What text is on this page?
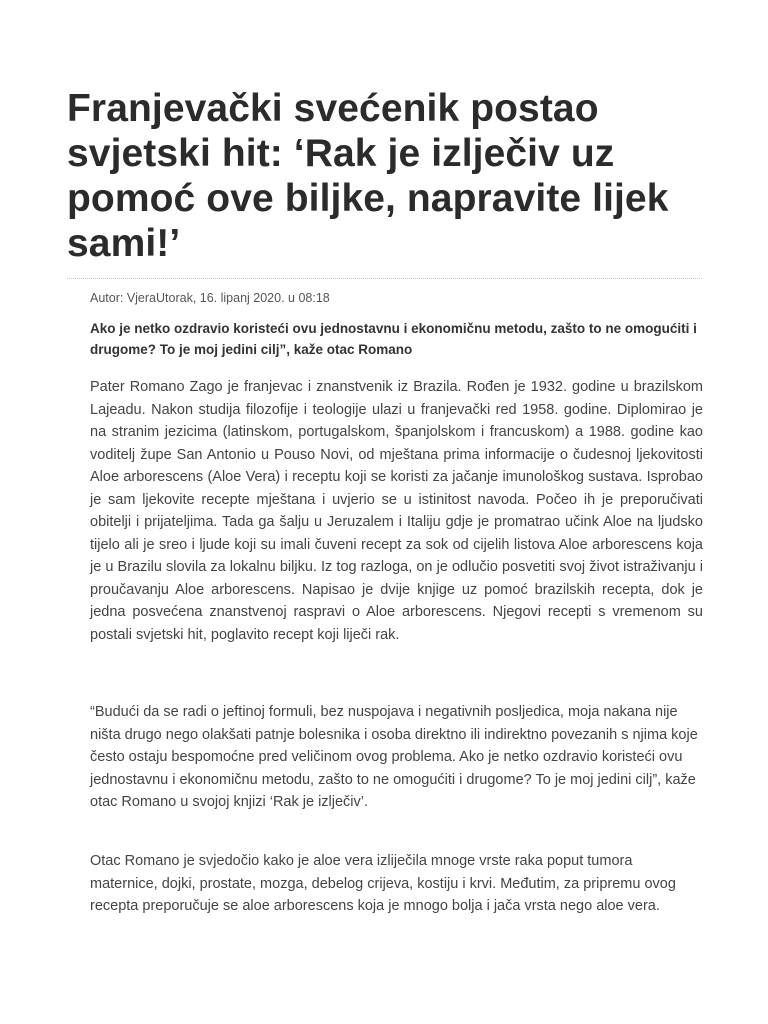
Franjevački svećenik postao svjetski hit: ‘Rak je izlječiv uz pomoć ove biljke, napravite lijek sami!’
Autor: VjeraUtorak, 16. lipanj 2020. u 08:18

Ako je netko ozdravio koristeći ovu jednostavnu i ekonomičnu metodu, zašto to ne omogućiti i drugome? To je moj jedini cilj”, kaže otac Romano

Pater Romano Zago je franjevac i znanstvenik iz Brazila. Rođen je 1932. godine u brazilskom Lajeadu. Nakon studija filozofije i teologije ulazi u franjevački red 1958. godine. Diplomirao je na stranim jezicima (latinskom, portugalskom, španjolskom i francuskom) a 1988. godine kao voditelj župe San Antonio u Pouso Novi, od mještana prima informacije o čudesnoj ljekovitosti Aloe arborescens (Aloe Vera) i receptu koji se koristi za jačanje imunološkog sustava. Isprobao je sam ljekovite recepte mještana i uvjerio se u istinitost navoda. Počeo ih je preporučivati obitelji i prijateljima. Tada ga šalju u Jeruzalem i Italiju gdje je promatrao učink Aloe na ljudsko tijelo ali je sreo i ljude koji su imali čuveni recept za sok od cijelih listova Aloe arborescens koja je u Brazilu slovila za lokalnu biljku. Iz tog razloga, on je odlučio posvetiti svoj život istraživanju i proučavanju Aloe arborescens. Napisao je dvije knjige uz pomoć brazilskih recepta, dok je jedna posvećena znanstvenoj raspravi o Aloe arborescens. Njegovi recepti s vremenom su postali svjetski hit, poglavito recept koji liječi rak.

“Budući da se radi o jeftinoj formuli, bez nuspojava i negativnih posljedica, moja nakana nije ništa drugo nego olakšati patnje bolesnika i osoba direktno ili indirektno povezanih s njima koje često ostaju bespomoćne pred veličinom ovog problema. Ako je netko ozdravio koristeći ovu jednostavnu i ekonomičnu metodu, zašto to ne omogućiti i drugome? To je moj jedini cilj”, kaže otac Romano u svojoj knjizi ‘Rak je izlječiv’.

Otac Romano je svjedočio kako je aloe vera izliječila mnoge vrste raka poput tumora maternice, dojki, prostate, mozga, debelog crijeva, kostiju i krvi. Međutim, za pripremu ovog recepta preporučuje se aloe arborescens koja je mnogo bolja i jača vrsta nego aloe vera.
